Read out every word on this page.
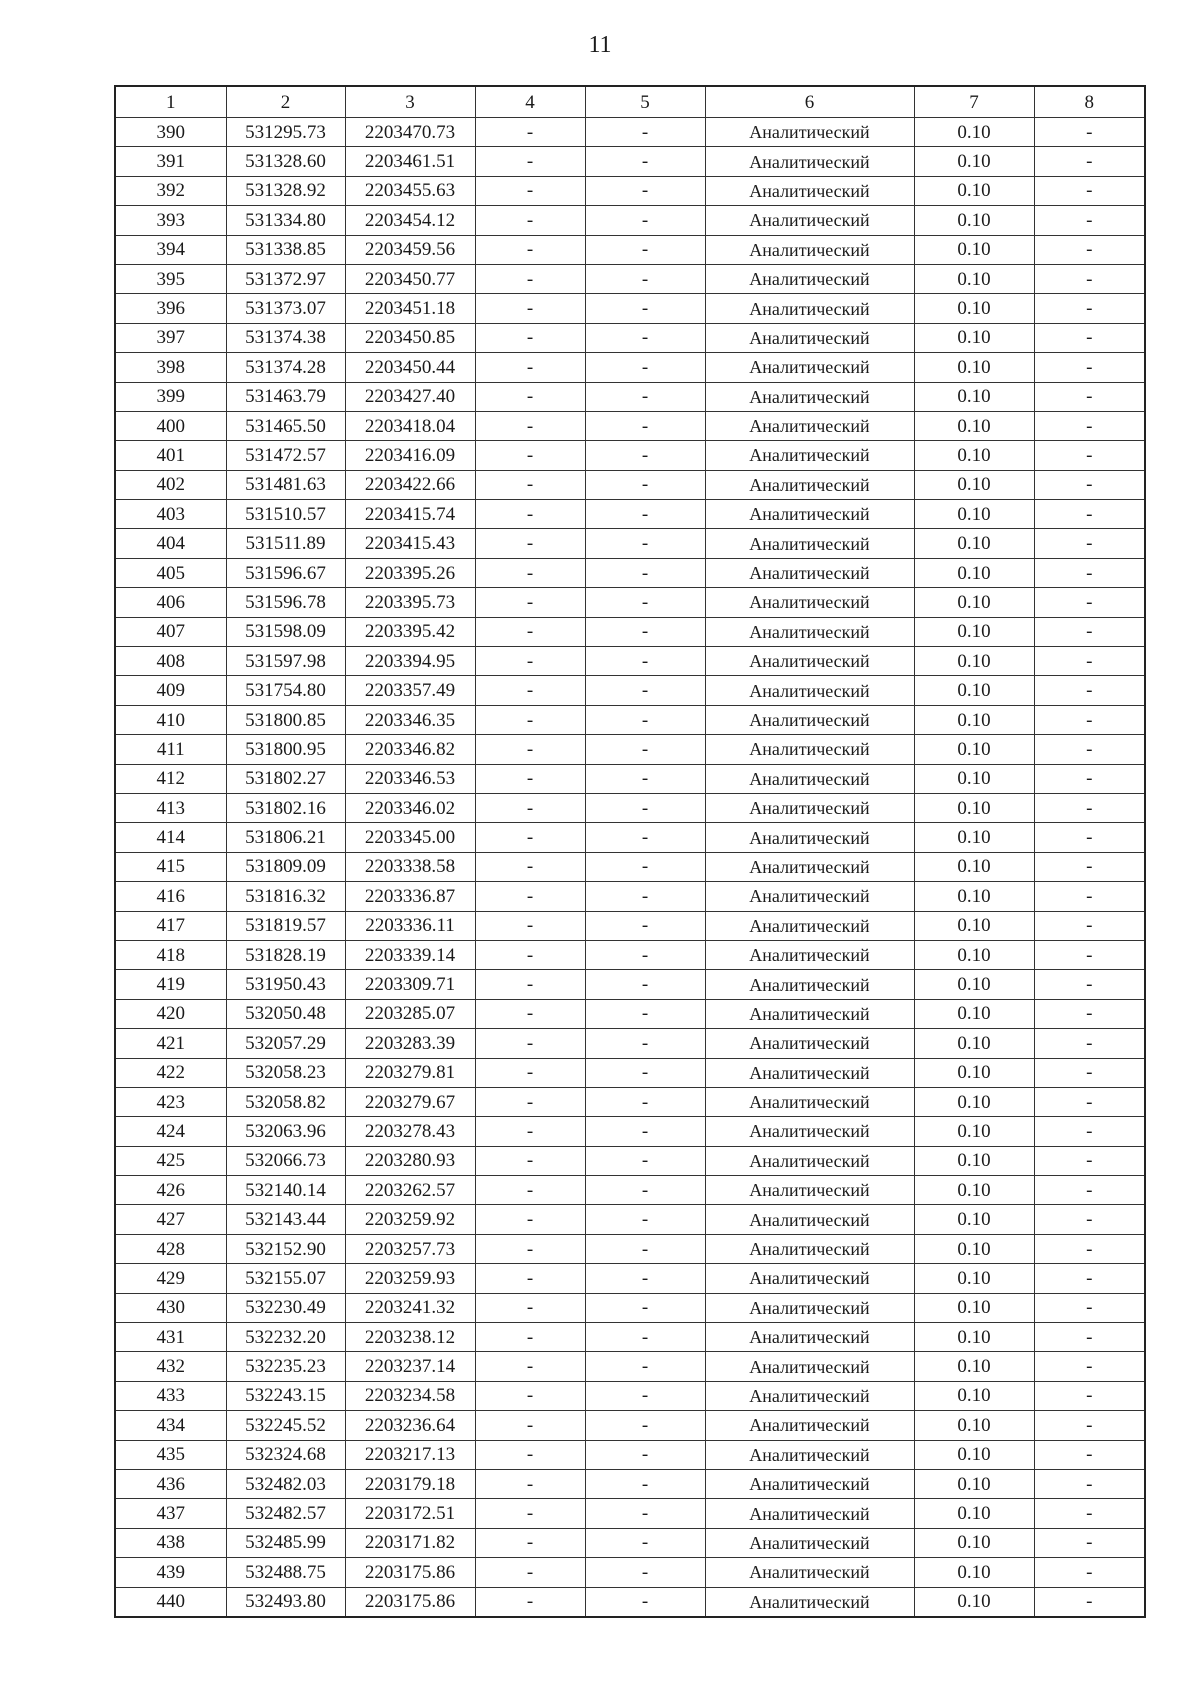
11
1	2	3	4	5	6	7	8
390	531295.73	2203470.73	-	-	Аналитический	0.10	-
391	531328.60	2203461.51	-	-	Аналитический	0.10	-
392	531328.92	2203455.63	-	-	Аналитический	0.10	-
393	531334.80	2203454.12	-	-	Аналитический	0.10	-
394	531338.85	2203459.56	-	-	Аналитический	0.10	-
395	531372.97	2203450.77	-	-	Аналитический	0.10	-
396	531373.07	2203451.18	-	-	Аналитический	0.10	-
397	531374.38	2203450.85	-	-	Аналитический	0.10	-
398	531374.28	2203450.44	-	-	Аналитический	0.10	-
399	531463.79	2203427.40	-	-	Аналитический	0.10	-
400	531465.50	2203418.04	-	-	Аналитический	0.10	-
401	531472.57	2203416.09	-	-	Аналитический	0.10	-
402	531481.63	2203422.66	-	-	Аналитический	0.10	-
403	531510.57	2203415.74	-	-	Аналитический	0.10	-
404	531511.89	2203415.43	-	-	Аналитический	0.10	-
405	531596.67	2203395.26	-	-	Аналитический	0.10	-
406	531596.78	2203395.73	-	-	Аналитический	0.10	-
407	531598.09	2203395.42	-	-	Аналитический	0.10	-
408	531597.98	2203394.95	-	-	Аналитический	0.10	-
409	531754.80	2203357.49	-	-	Аналитический	0.10	-
410	531800.85	2203346.35	-	-	Аналитический	0.10	-
411	531800.95	2203346.82	-	-	Аналитический	0.10	-
412	531802.27	2203346.53	-	-	Аналитический	0.10	-
413	531802.16	2203346.02	-	-	Аналитический	0.10	-
414	531806.21	2203345.00	-	-	Аналитический	0.10	-
415	531809.09	2203338.58	-	-	Аналитический	0.10	-
416	531816.32	2203336.87	-	-	Аналитический	0.10	-
417	531819.57	2203336.11	-	-	Аналитический	0.10	-
418	531828.19	2203339.14	-	-	Аналитический	0.10	-
419	531950.43	2203309.71	-	-	Аналитический	0.10	-
420	532050.48	2203285.07	-	-	Аналитический	0.10	-
421	532057.29	2203283.39	-	-	Аналитический	0.10	-
422	532058.23	2203279.81	-	-	Аналитический	0.10	-
423	532058.82	2203279.67	-	-	Аналитический	0.10	-
424	532063.96	2203278.43	-	-	Аналитический	0.10	-
425	532066.73	2203280.93	-	-	Аналитический	0.10	-
426	532140.14	2203262.57	-	-	Аналитический	0.10	-
427	532143.44	2203259.92	-	-	Аналитический	0.10	-
428	532152.90	2203257.73	-	-	Аналитический	0.10	-
429	532155.07	2203259.93	-	-	Аналитический	0.10	-
430	532230.49	2203241.32	-	-	Аналитический	0.10	-
431	532232.20	2203238.12	-	-	Аналитический	0.10	-
432	532235.23	2203237.14	-	-	Аналитический	0.10	-
433	532243.15	2203234.58	-	-	Аналитический	0.10	-
434	532245.52	2203236.64	-	-	Аналитический	0.10	-
435	532324.68	2203217.13	-	-	Аналитический	0.10	-
436	532482.03	2203179.18	-	-	Аналитический	0.10	-
437	532482.57	2203172.51	-	-	Аналитический	0.10	-
438	532485.99	2203171.82	-	-	Аналитический	0.10	-
439	532488.75	2203175.86	-	-	Аналитический	0.10	-
440	532493.80	2203175.86	-	-	Аналитический	0.10	-
